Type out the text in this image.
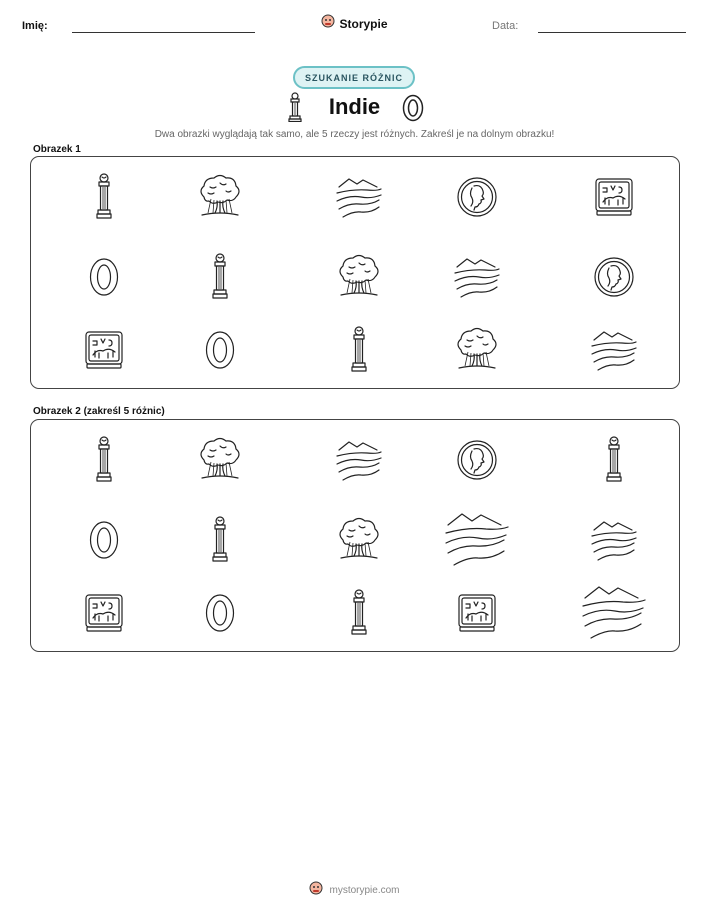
Imię:	Storypie	Data:
SZUKANIE RÓŻNIC
Indie
Dwa obrazki wyglądają tak samo, ale 5 rzeczy jest różnych. Zakreśl je na dolnym obrazku!
Obrazek 1
Obrazek 2 (zakreśl 5 różnic)
mystorypie.com
